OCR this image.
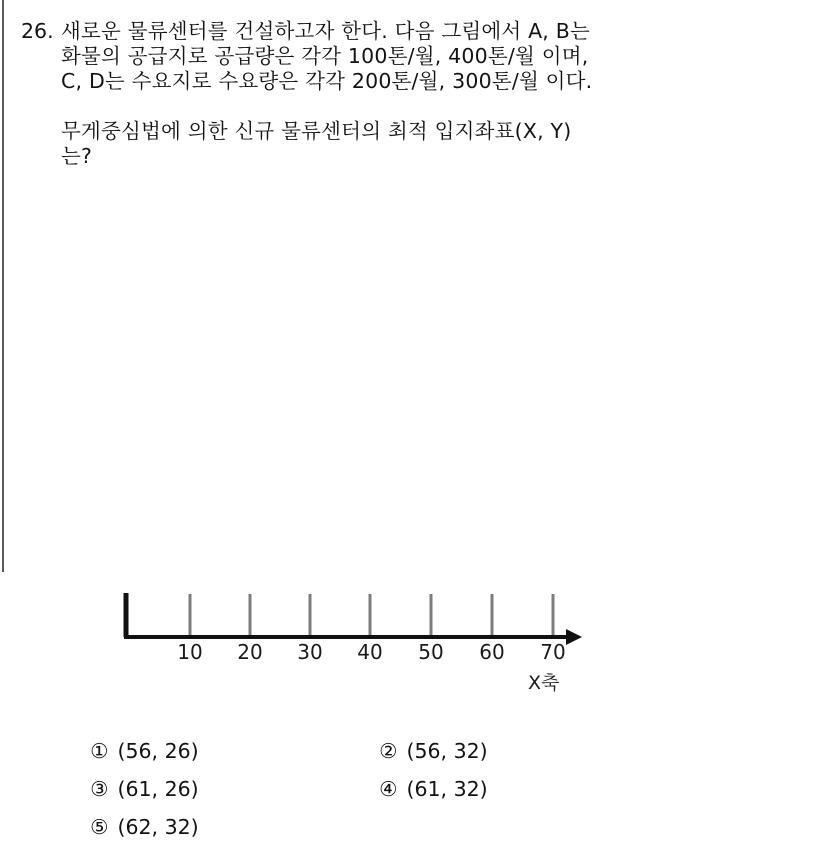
26. 새로운 물류센터를 건설하고자 한다. 다음 그림에서 A, B는
화물의 공급지로 공급량은 각각 100톤/월, 400톤/월 이며,
C, D는 수요지로 수요량은 각각 200톤/월, 300톤/월 이다.
무게중심법에 의한 신규 물류센터의 최적 입지좌표(X, Y)
는?
10 20 30 40 50 60 70
X축

① (56, 26)
	② (56, 32)

③ (61, 26)
	④ (61, 32)

⑤ (62, 32)
